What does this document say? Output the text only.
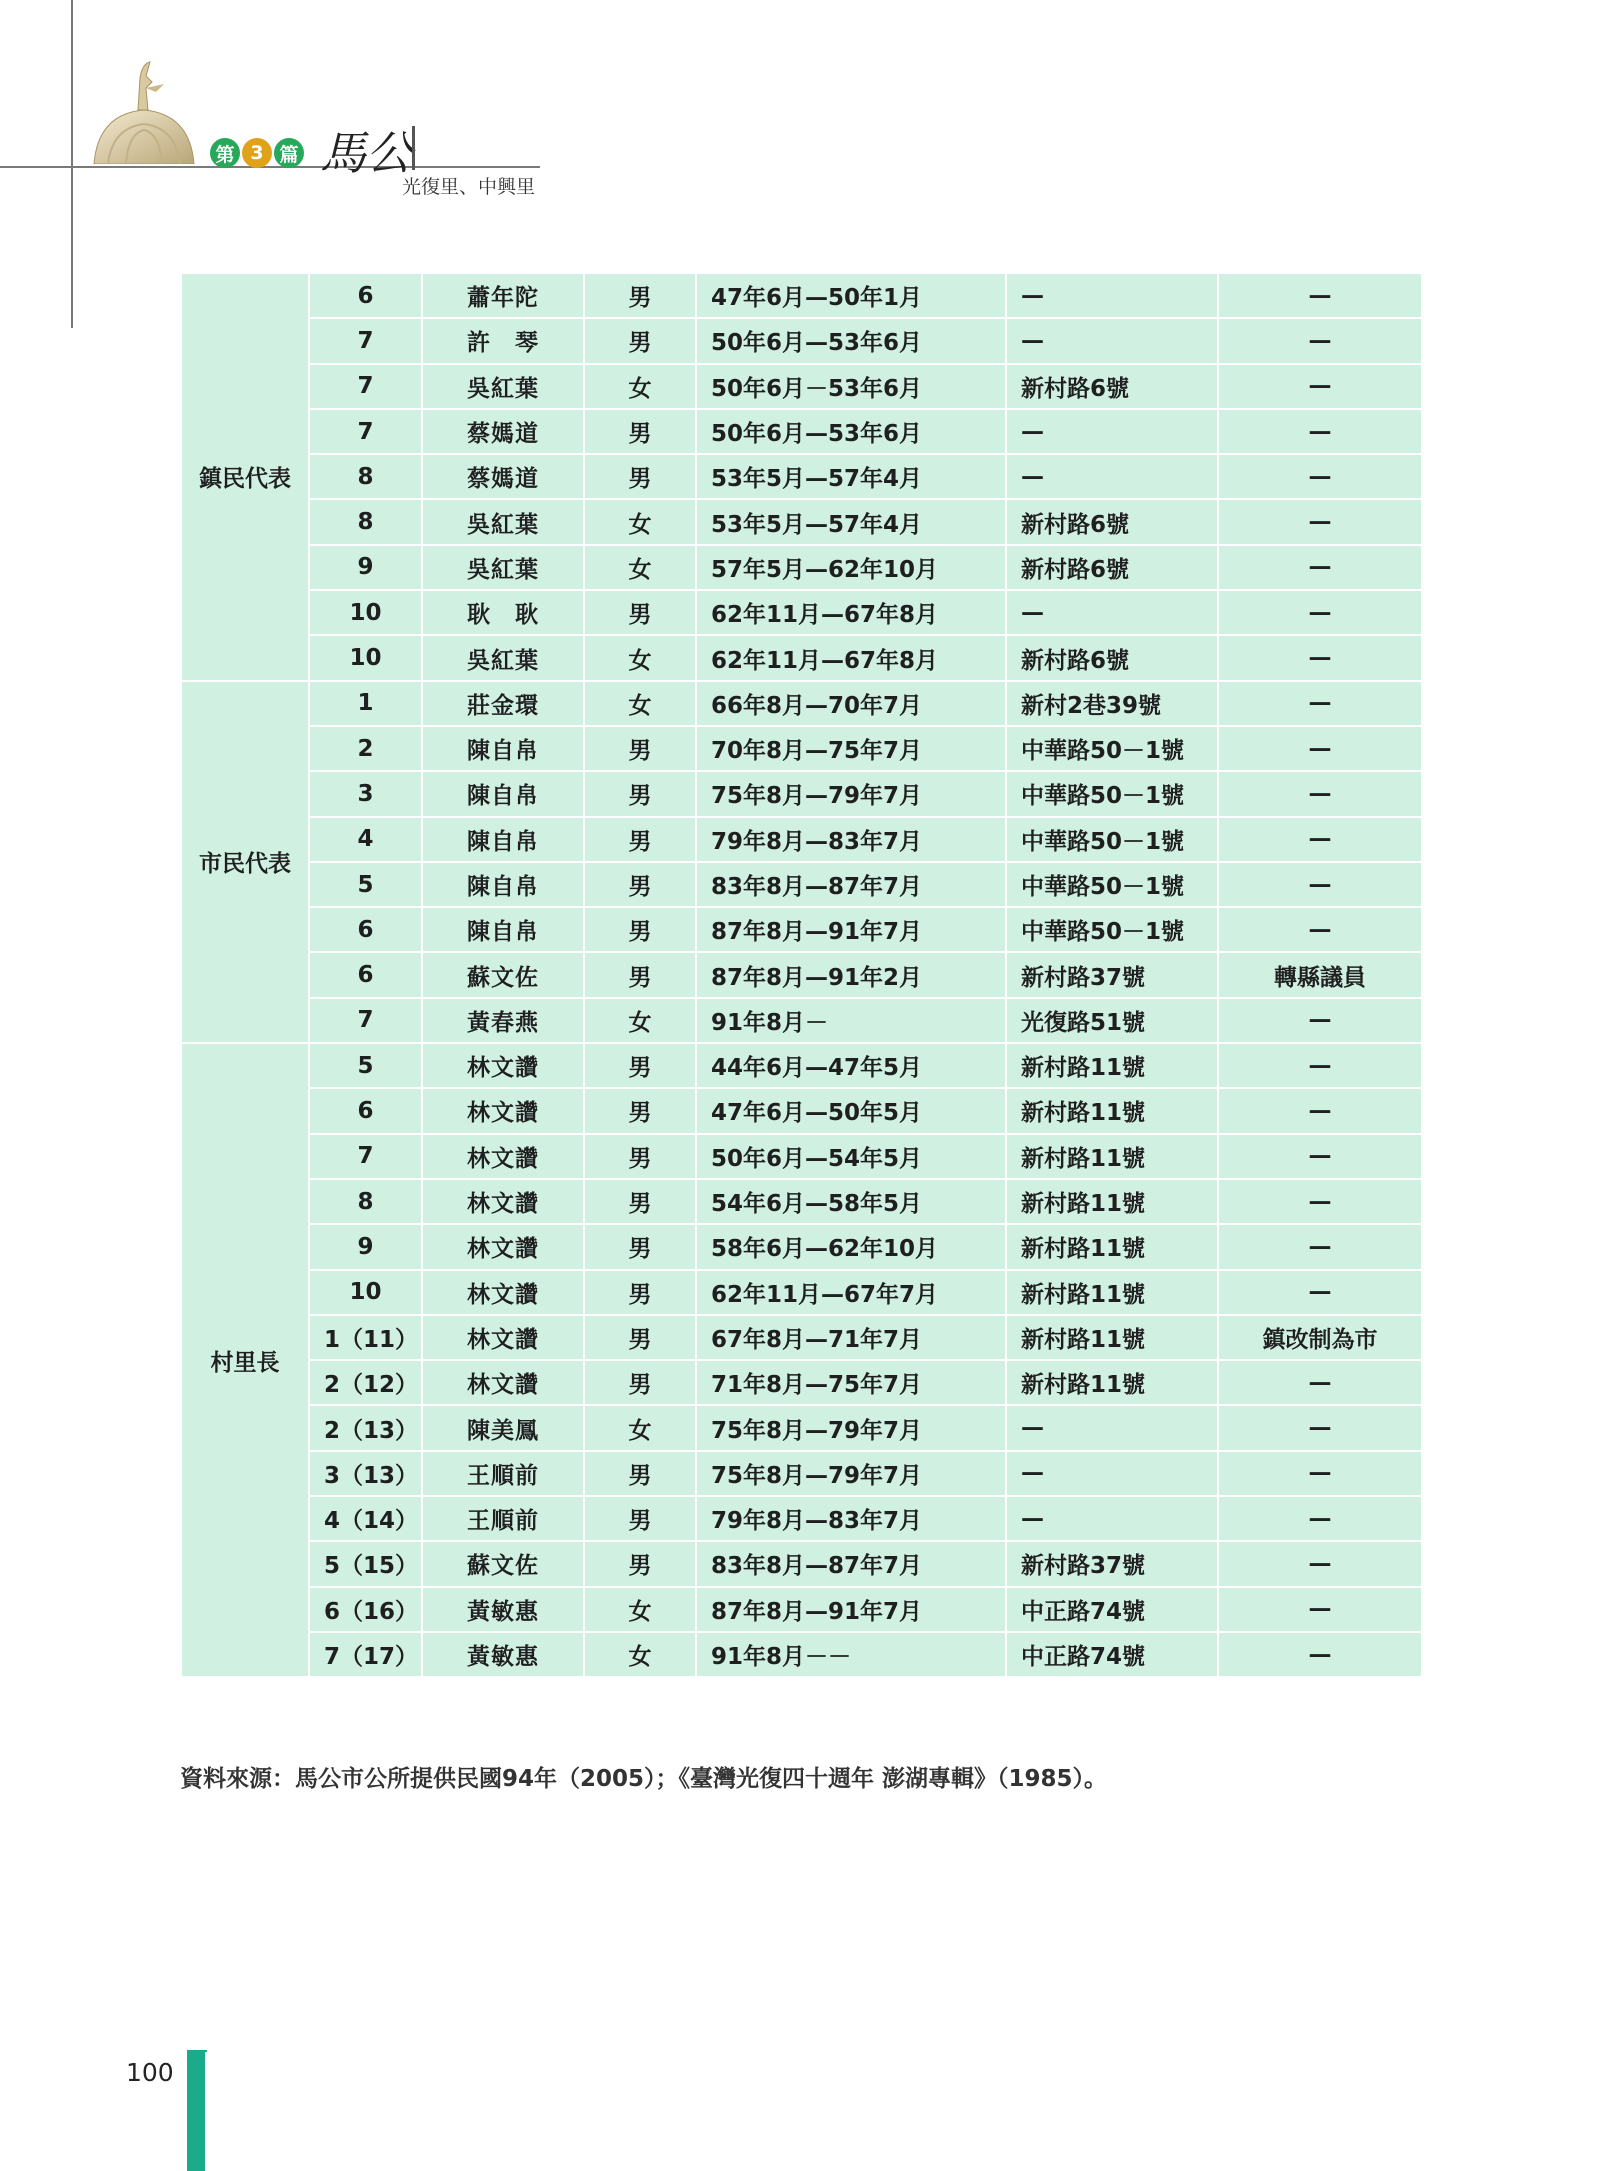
第 3 篇 馬公
光復里、中興里
鎮民代表	6	蕭年陀	男	47年6月—50年1月	—	—
	7	許　琴	男	50年6月—53年6月	—	—
	7	吳紅葉	女	50年6月－53年6月	新村路6號	—
	7	蔡媽道	男	50年6月—53年6月	—	—
	8	蔡媽道	男	53年5月—57年4月	—	—
	8	吳紅葉	女	53年5月—57年4月	新村路6號	—
	9	吳紅葉	女	57年5月—62年10月	新村路6號	—
	10	耿　耿	男	62年11月—67年8月	—	—
	10	吳紅葉	女	62年11月—67年8月	新村路6號	—
市民代表	1	莊金環	女	66年8月—70年7月	新村2巷39號	—
	2	陳自帛	男	70年8月—75年7月	中華路50－1號	—
	3	陳自帛	男	75年8月—79年7月	中華路50－1號	—
	4	陳自帛	男	79年8月—83年7月	中華路50－1號	—
	5	陳自帛	男	83年8月—87年7月	中華路50－1號	—
	6	陳自帛	男	87年8月—91年7月	中華路50－1號	—
	6	蘇文佐	男	87年8月—91年2月	新村路37號	轉縣議員
	7	黃春燕	女	91年8月－	光復路51號	—
村里長	5	林文讚	男	44年6月—47年5月	新村路11號	—
	6	林文讚	男	47年6月—50年5月	新村路11號	—
	7	林文讚	男	50年6月—54年5月	新村路11號	—
	8	林文讚	男	54年6月—58年5月	新村路11號	—
	9	林文讚	男	58年6月—62年10月	新村路11號	—
	10	林文讚	男	62年11月—67年7月	新村路11號	—
	1（11）	林文讚	男	67年8月—71年7月	新村路11號	鎮改制為市
	2（12）	林文讚	男	71年8月—75年7月	新村路11號	—
	2（13）	陳美鳳	女	75年8月—79年7月	—	—
	3（13）	王順前	男	75年8月—79年7月	—	—
	4（14）	王順前	男	79年8月—83年7月	—	—
	5（15）	蘇文佐	男	83年8月—87年7月	新村路37號	—
	6（16）	黃敏惠	女	87年8月—91年7月	中正路74號	—
	7（17）	黃敏惠	女	91年8月－－	中正路74號	—
資料來源：馬公市公所提供民國94年（2005）；《臺灣光復四十週年 澎湖專輯》（1985）。
100
